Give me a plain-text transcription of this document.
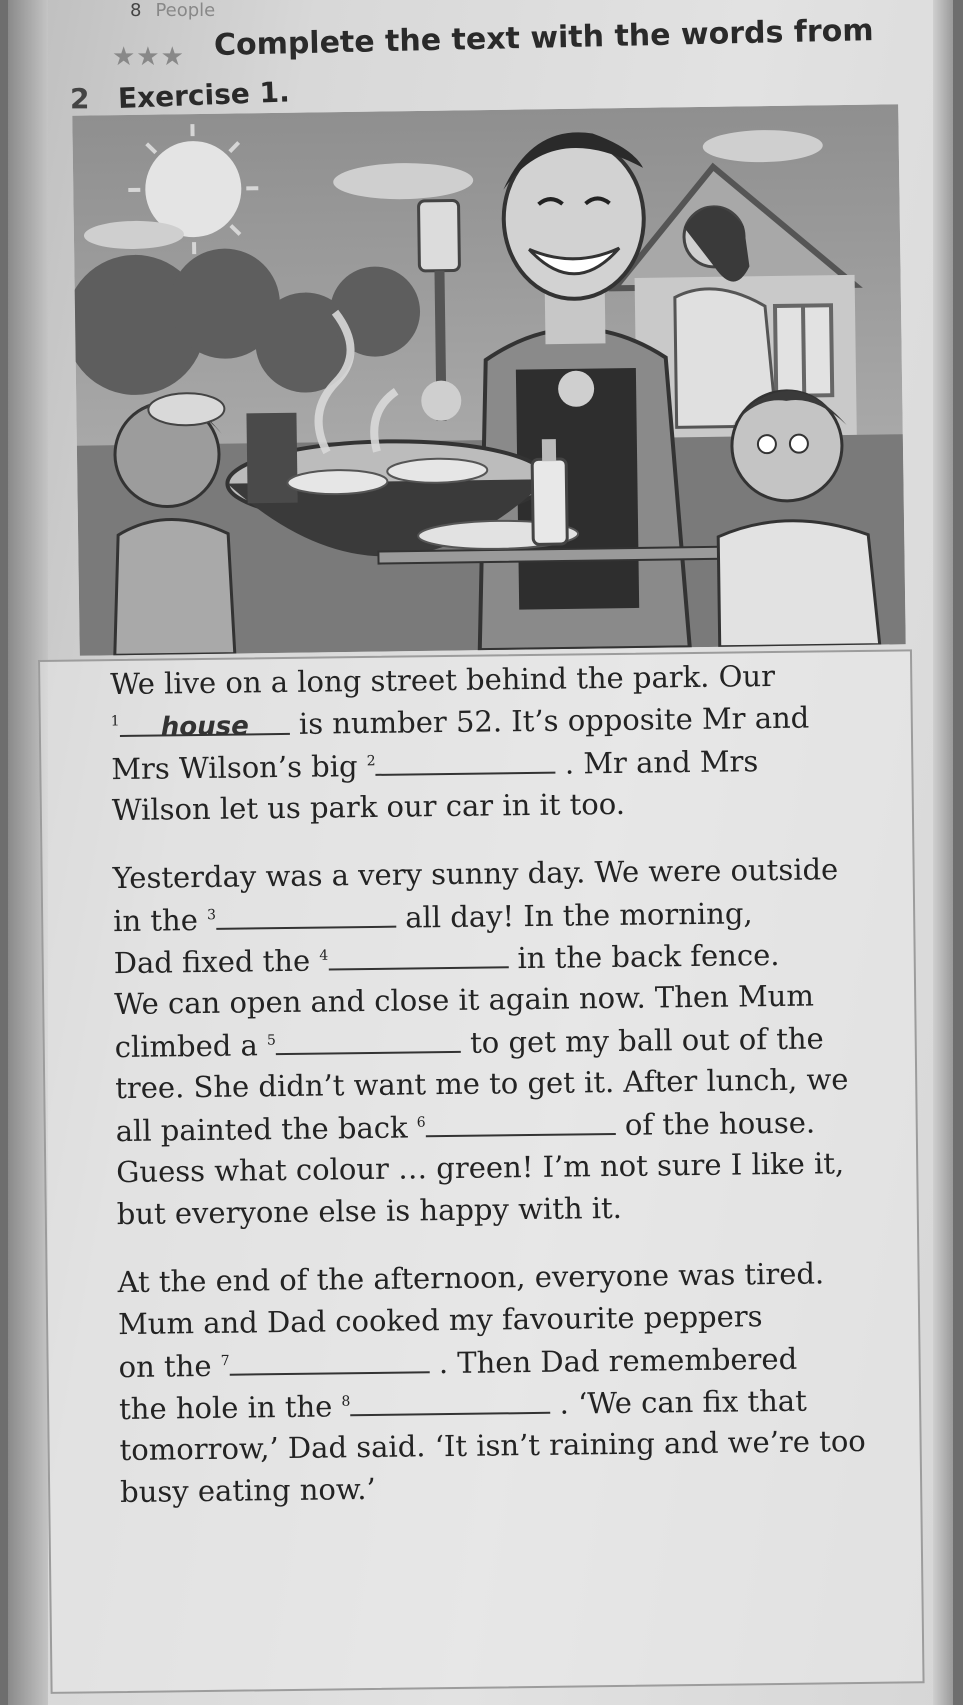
8 People
2
★★★ Complete the text with the words from
Exercise 1.
We live on a long street behind the park. Our
$^1$ house is number 52. It’s opposite Mr and
Mrs Wilson’s big $^2$	. Mr and Mrs
Wilson let us park our car in it too.
Yesterday was a very sunny day. We were outside
in the $^3$	all day! In the morning,
Dad fixed the $^4$	in the back fence.
We can open and close it again now. Then Mum
climbed a $^5$	to get my ball out of the
tree. She didn’t want me to get it. After lunch, we
all painted the back $^6$	of the house.
Guess what colour … green! I’m not sure I like it,
but everyone else is happy with it.
At the end of the afternoon, everyone was tired.
Mum and Dad cooked my favourite peppers
on the $^7$	. Then Dad remembered
the hole in the $^8$	. ‘We can fix that
tomorrow,’ Dad said. ‘It isn’t raining and we’re too
busy eating now.’
